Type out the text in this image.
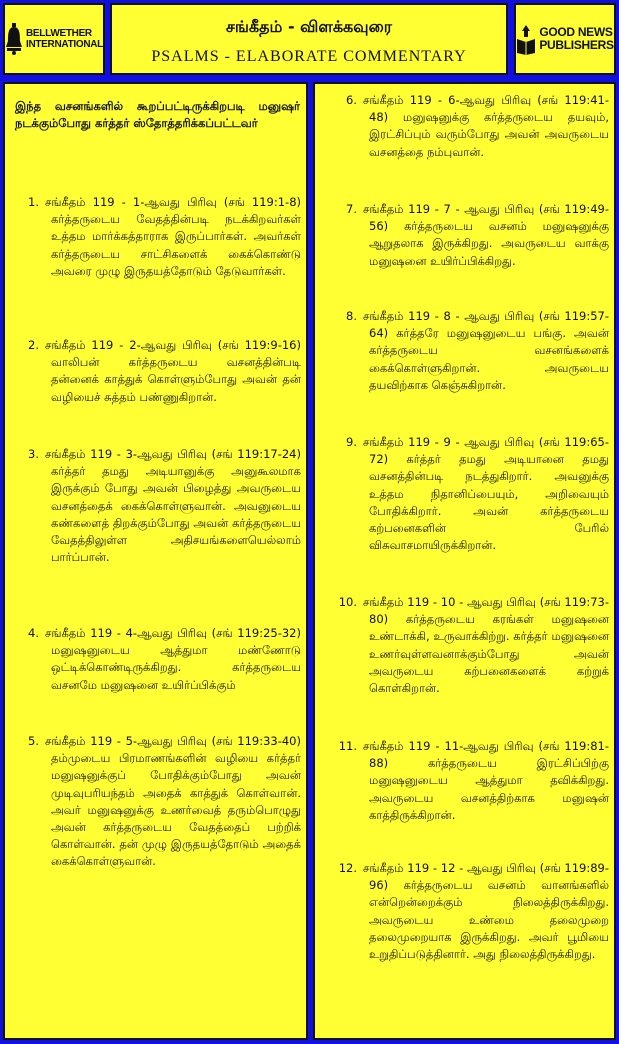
BELLWETHER
INTERNATIONAL
சங்கீதம் - விளக்கவுரை
PSALMS - ELABORATE COMMENTARY
GOOD NEWS
PUBLISHERS
இந்த வசனங்களில் கூறப்பட்டிருக்கிறபடி மனுஷர் நடக்கும்போது கர்த்தர் ஸ்தோத்தரிக்கப்பட்டவர்
1. சங்கீதம் 119 - 1-ஆவது பிரிவு (சங் 119:1-8) கர்த்தருடைய வேதத்தின்படி நடக்கிறவர்கள் உத்தம மார்க்கத்தாராக இருப்பார்கள். அவர்கள் கர்த்தருடைய சாட்சிகளைக் கைக்கொண்டு அவரை முழு இருதயத்தோடும் தேடுவார்கள்.
2. சங்கீதம் 119 - 2-ஆவது பிரிவு (சங் 119:9-16) வாலிபன் கர்த்தருடைய வசனத்தின்படி தன்னைக் காத்துக் கொள்ளும்போது அவன் தன் வழியைச் சுத்தம் பண்ணுகிறான்.
3. சங்கீதம் 119 - 3-ஆவது பிரிவு (சங் 119:17-24) கர்த்தர் தமது அடியானுக்கு அனுகூலமாக இருக்கும் போது அவன் பிழைத்து அவருடைய வசனத்தைக் கைக்கொள்ளுவான். அவனுடைய கண்களைத் திறக்கும்போது அவன் கர்த்தருடைய வேதத்திலுள்ள அதிசயங்களையெல்லாம் பார்ப்பான்.
4. சங்கீதம் 119 - 4-ஆவது பிரிவு (சங் 119:25-32) மனுஷனுடைய ஆத்துமா மண்ணோடு ஒட்டிக்கொண்டிருக்கிறது. கர்த்தருடைய வசனமே மனுஷனை உயிர்ப்பிக்கும்
5. சங்கீதம் 119 - 5-ஆவது பிரிவு (சங் 119:33-40) தம்முடைய பிரமாணங்களின் வழியை கர்த்தர் மனுஷனுக்குப் போதிக்கும்போது அவன் முடிவுபரியந்தம் அதைக் காத்துக் கொள்வான். அவர் மனுஷனுக்கு உணர்வைத் தரும்பொழுது அவன் கர்த்தருடைய வேதத்தைப் பற்றிக் கொள்வான். தன் முழு இருதயத்தோடும் அதைக் கைக்கொள்ளுவான்.
6. சங்கீதம் 119 - 6-ஆவது பிரிவு (சங் 119:41-48) மனுஷனுக்கு கர்த்தருடைய தயவும், இரட்சிப்பும் வரும்போது அவன் அவருடைய வசனத்தை நம்புவான்.
7. சங்கீதம் 119 - 7 - ஆவது பிரிவு (சங் 119:49-56) கர்த்தருடைய வசனம் மனுஷனுக்கு ஆறுதலாக இருக்கிறது. அவருடைய வாக்கு மனுஷனை உயிர்ப்பிக்கிறது.
8. சங்கீதம் 119 - 8 - ஆவது பிரிவு (சங் 119:57-64) கர்த்தரே மனுஷனுடைய பங்கு. அவன் கர்த்தருடைய வசனங்களைக் கைக்கொள்ளுகிறான். அவருடைய தயவிற்காக கெஞ்சுகிறான்.
9. சங்கீதம் 119 - 9 - ஆவது பிரிவு (சங் 119:65-72) கர்த்தர் தமது அடியானை தமது வசனத்தின்படி நடத்துகிறார். அவனுக்கு உத்தம நிதானிப்பையும், அறிவையும் போதிக்கிறார். அவன் கர்த்தருடைய கற்பனைகளின் பேரில் விசுவாசமாயிருக்கிறான்.
10. சங்கீதம் 119 - 10 - ஆவது பிரிவு (சங் 119:73-80) கர்த்தருடைய கரங்கள் மனுஷனை உண்டாக்கி, உருவாக்கிற்று. கர்த்தர் மனுஷனை உணர்வுள்ளவனாக்கும்போது அவன் அவருடைய கற்பனைகளைக் கற்றுக் கொள்கிறான்.
11. சங்கீதம் 119 - 11-ஆவது பிரிவு (சங் 119:81-88) கர்த்தருடைய இரட்சிப்பிற்கு மனுஷனுடைய ஆத்துமா தவிக்கிறது. அவருடைய வசனத்திற்காக மனுஷன் காத்திருக்கிறான்.
12. சங்கீதம் 119 - 12 - ஆவது பிரிவு (சங் 119:89-96) கர்த்தருடைய வசனம் வானங்களில் என்றென்றைக்கும் நிலைத்திருக்கிறது. அவருடைய உண்மை தலைமுறை தலைமுறையாக இருக்கிறது. அவர் பூமியை உறுதிப்படுத்தினார். அது நிலைத்திருக்கிறது.
